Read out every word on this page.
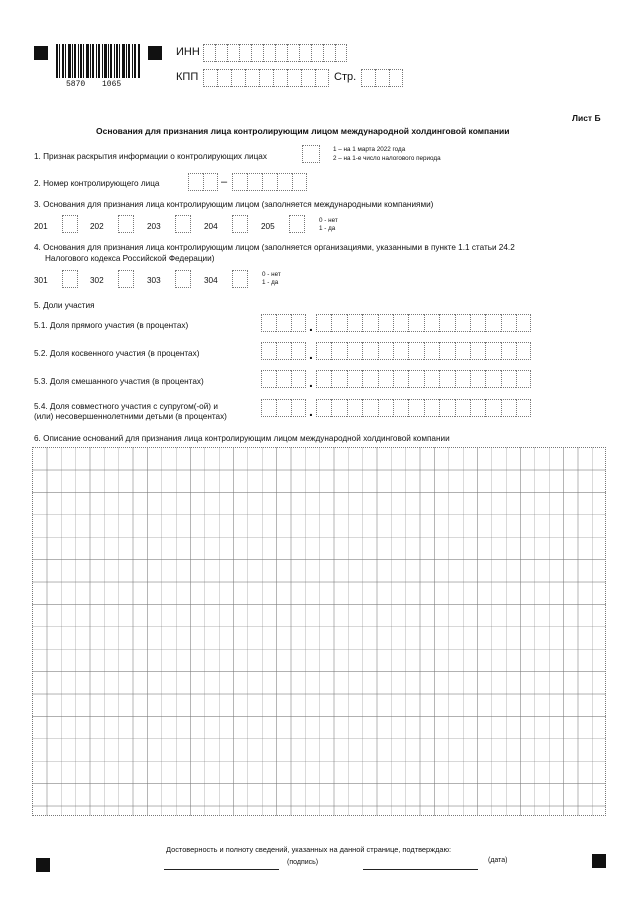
5870 1065
ИНН
КПП	Стр.
Лист Б
Основания для признания лица контролирующим лицом международной холдинговой компании
1. Признак раскрытия информации о контролирующих лицах
1 – на 1 марта 2022 года
2 – на 1-е число налогового периода
2. Номер контролирующего лица	–
3. Основания для признания лица контролирующим лицом (заполняется международными компаниями)
201	202	203	204	205
0 - нет
1 - да
4. Основания для признания лица контролирующим лицом (заполняется организациями, указанными в пункте 1.1 статьи 24.2
Налогового кодекса Российской Федерации)
301	302	303	304
0 - нет
1 - да
5. Доли участия
5.1. Доля прямого участия (в процентах)	.
5.2. Доля косвенного участия (в процентах)	.
5.3. Доля смешанного участия (в процентах)	.
5.4. Доля совместного участия с супругом(-ой) и
(или) несовершеннолетними детьми (в процентах)	.
6. Описание оснований для признания лица контролирующим лицом международной холдинговой компании
Достоверность и полноту сведений, указанных на данной странице, подтверждаю:
(подпись)	(дата)
